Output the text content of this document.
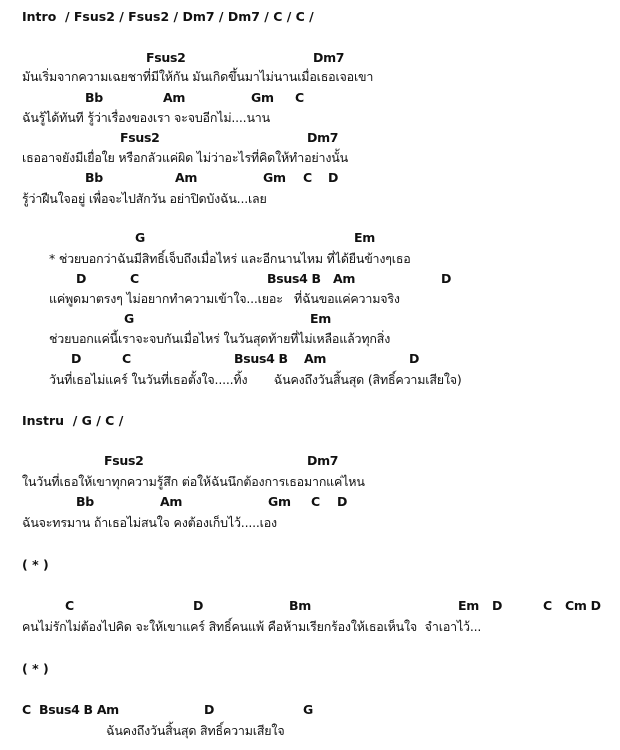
Intro  / Fsus2 / Fsus2 / Dm7 / Dm7 / C / C /
Instru  / G / C /
( * )
( * )
Fsus2	Dm7
มันเริ่มจากความเฉยชาที่มีให้กัน มันเกิดขึ้นมาไม่นานเมื่อเธอเจอเขา
Bb	Am	Gm C
ฉันรู้ได้ทันที รู้ว่าเรื่องของเรา จะจบอีกไม่....นาน
Fsus2	Dm7
เธออาจยังมีเยื่อใย หรือกลัวแค่ผิด ไม่ว่าอะไรที่คิดให้ทำอย่างนั้น
Bb	Am	Gm C D
รู้ว่าฝืนใจอยู่ เพื่อจะไปสักวัน อย่าปิดบังฉัน...เลย
G	Em
* ช่วยบอกว่าฉันมีสิทธิ์เจ็บถึงเมื่อไหร่ และอีกนานไหม ที่ได้ยืนข้างๆเธอ
D	C	Bsus4 B Am	D
แค่พูดมาตรงๆ ไม่อยากทำความเข้าใจ...เยอะ   ที่ฉันขอแค่ความจริง
G	Em
ช่วยบอกแค่นี้เราจะจบกันเมื่อไหร่ ในวันสุดท้ายที่ไม่เหลือแล้วทุกสิ่ง
D	C	Bsus4 B Am	D
วันที่เธอไม่แคร์ ในวันที่เธอตั้งใจ.....ทิ้ง       ฉันคงถึงวันสิ้นสุด (สิทธิ์ความเสียใจ)
Fsus2	Dm7
ในวันที่เธอให้เขาทุกความรู้สึก ต่อให้ฉันนึกต้องการเธอมากแค่ไหน
Bb	Am	Gm C D
ฉันจะทรมาน ถ้าเธอไม่สนใจ คงต้องเก็บไว้.....เอง
C	D	Bm	Em D	C Cm D
คนไม่รักไม่ต้องไปคิด จะให้เขาแคร์ สิทธิ์คนแพ้ คือห้ามเรียกร้องให้เธอเห็นใจ  จำเอาไว้...
C  Bsus4 B Am	D	G
ฉันคงถึงวันสิ้นสุด สิทธิ์ความเสียใจ
